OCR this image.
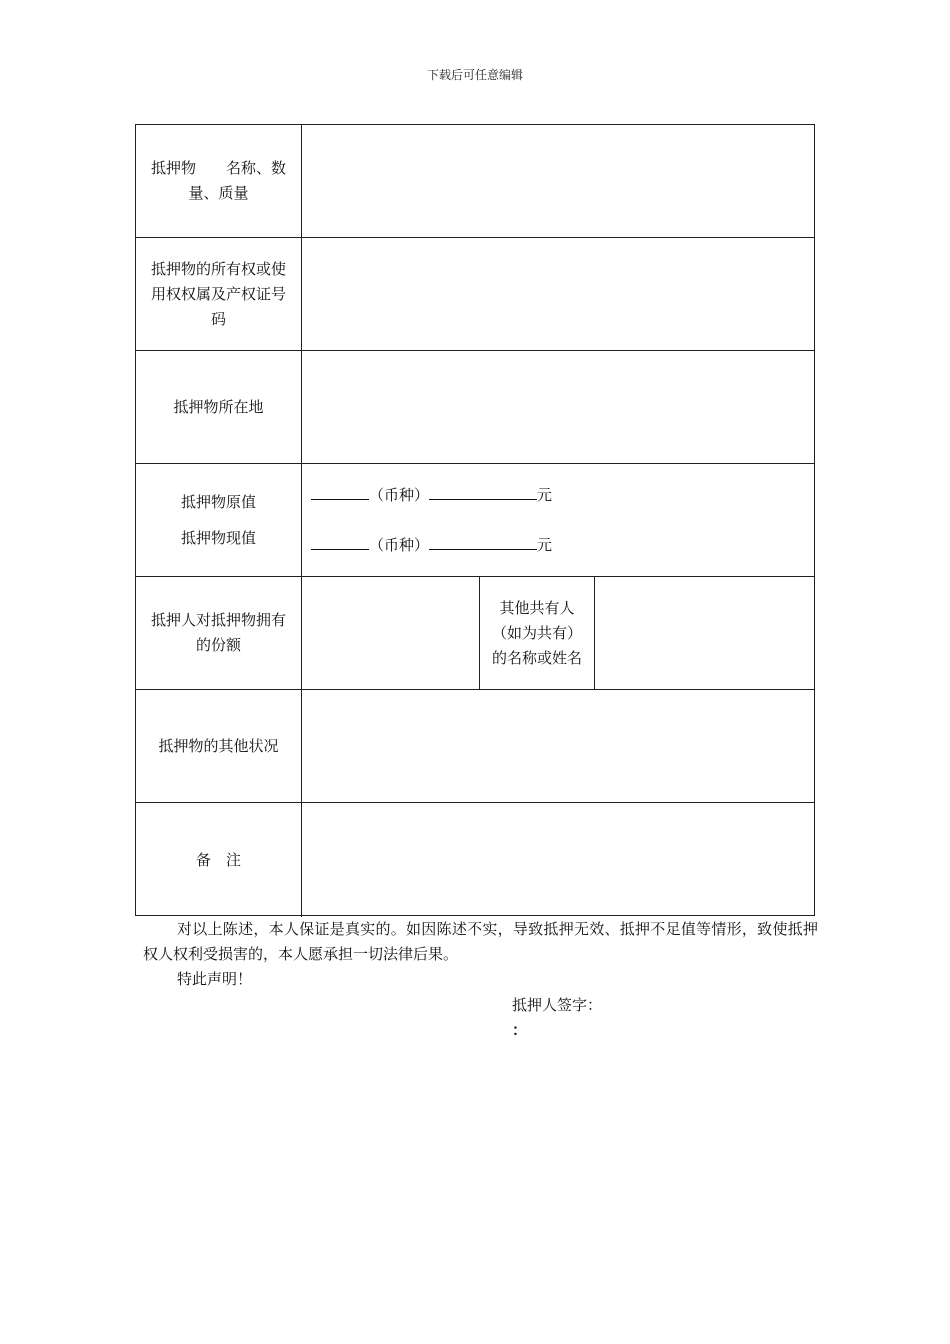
下载后可任意编辑
抵押物　　名称、数量、质量
抵押物的所有权或使用权权属及产权证号码
抵押物所在地
抵押物原值
抵押物现值
（币种）	元
（币种）	元
抵押人对抵押物拥有的份额
其他共有人（如为共有）的名称或姓名
抵押物的其他状况
备　注
对以上陈述，本人保证是真实的。如因陈述不实，导致抵押无效、抵押不足值等情形，致使抵押权人权利受损害的，本人愿承担一切法律后果。
特此声明！
抵押人签字：
：
